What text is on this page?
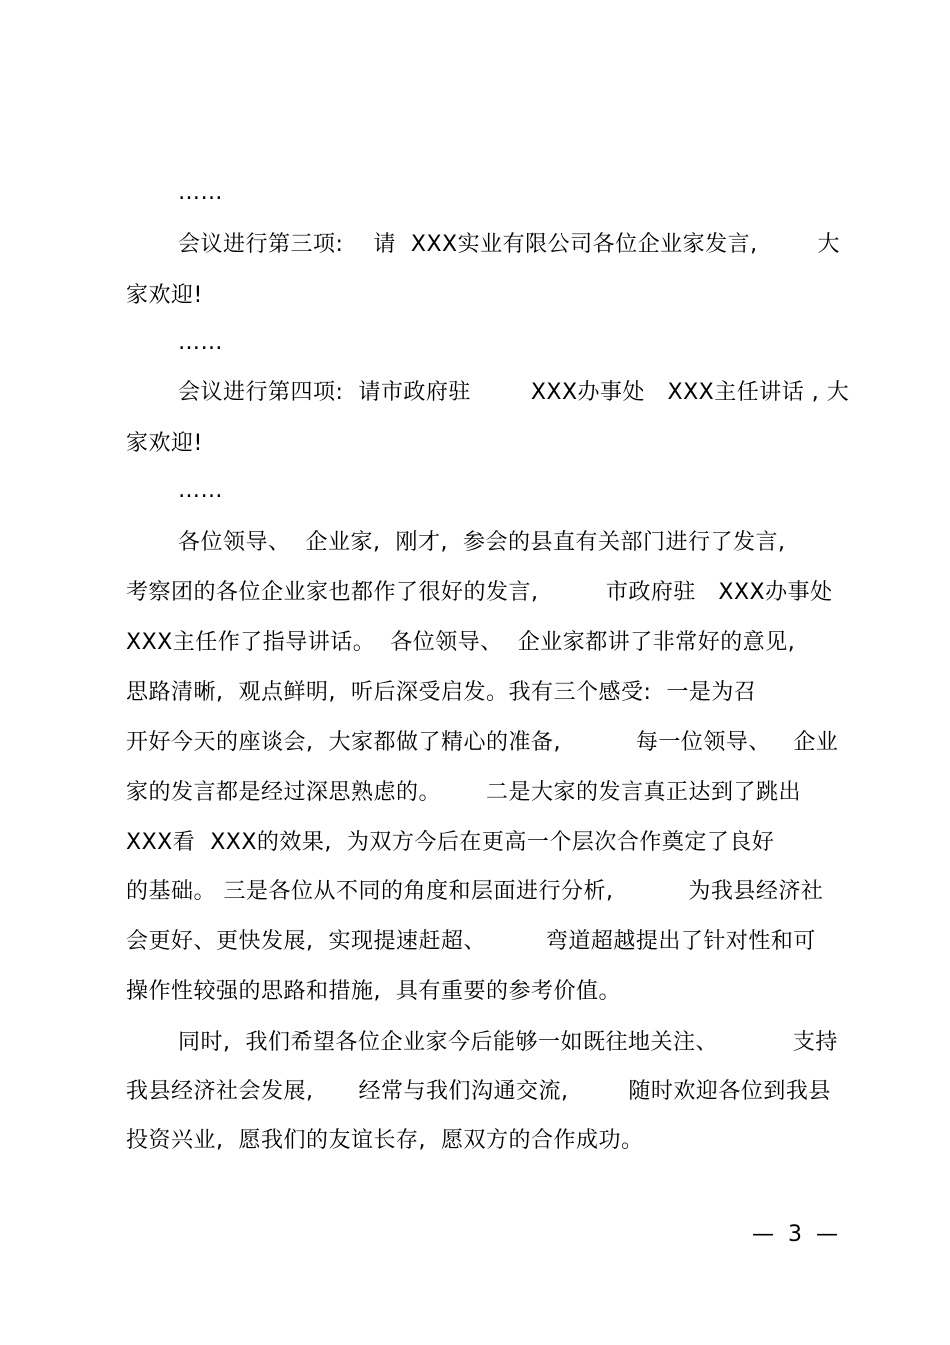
……
会议进行第三项:    请  XXX实业有限公司各位企业家发言,        大
家欢迎!
……
会议进行第四项:  请市政府驻        XXX办事处   XXX主任讲话 , 大
家欢迎!
……
各位领导、  企业家,  刚才,  参会的县直有关部门进行了发言,
考察团的各位企业家也都作了很好的发言,         市政府驻   XXX办事处
XXX主任作了指导讲话。  各位领导、  企业家都讲了非常好的意见,
思路清晰,  观点鲜明,  听后深受启发。我有三个感受:  一是为召
开好今天的座谈会,  大家都做了精心的准备,          每一位领导、   企业
家的发言都是经过深思熟虑的。      二是大家的发言真正达到了跳出
XXX看  XXX的效果,  为双方今后在更高一个层次合作奠定了良好
的基础。 三是各位从不同的角度和层面进行分析,          为我县经济社
会更好、更快发展,  实现提速赶超、        弯道超越提出了针对性和可
操作性较强的思路和措施,  具有重要的参考价值。
同时,  我们希望各位企业家今后能够一如既往地关注、          支持
我县经济社会发展,      经常与我们沟通交流,        随时欢迎各位到我县
投资兴业,  愿我们的友谊长存,  愿双方的合作成功。
—  3  —
